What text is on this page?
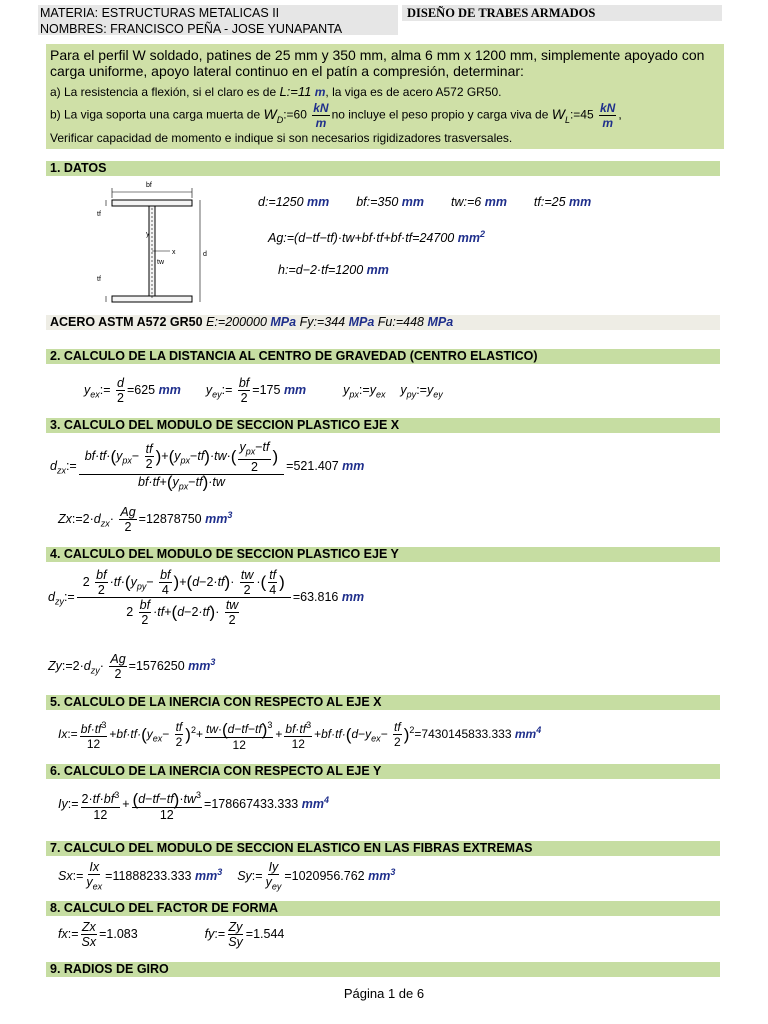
MATERIA: ESTRUCTURAS METALICAS II
NOMBRES: FRANCISCO PEÑA - JOSE YUNAPANTA
DISEÑO DE TRABES ARMADOS
Para el perfil W soldado, patines de 25 mm y 350 mm, alma 6 mm x 1200 mm, simplemente apoyado con carga uniforme, apoyo lateral continuo en el patín a compresión, determinar:
a) La resistencia a flexión, si el claro es de L:=11 m, la viga es de acero A572 GR50.
b) La viga soporta una carga muerta de $W_D:=60 \frac{kN}{m}$ no incluye el peso propio y carga viva de $W_L:=45 \frac{kN}{m}$ ,
Verificar capacidad de momento e indique si son necesarios rigidizadores trasversales.
1. DATOS
bf
tf
tf
x
y
tw
d
d:=1250 mm bf:=350 mm tw:=6 mm tf:=25 mm
Ag:=(d−tf−tf)·tw+bf·tf+bf·tf=24700 $mm^2$
h:=d−2·tf=1200 mm
ACERO ASTM A572 GR50 E:=200000 MPa Fy:=344 MPa Fu:=448 MPa
2. CALCULO DE LA DISTANCIA AL CENTRO DE GRAVEDAD (CENTRO ELASTICO)
$y_{ex}:= \frac{d}{2} =625$ mm $y_{ey}:= \frac{bf}{2} =175$ mm	$y_{px}:=y_{ex}$ $y_{py}:=y_{ey}$
3. CALCULO DEL MODULO DE SECCION PLASTICO EJE X
$d_{zx}:= \frac{bf\cdot tf\cdot(y_{px}- \frac{tf}{2} )+(y_{px}-tf)\cdot tw\cdot( \frac{y_{px}-tf}{2} )}{bf\cdot tf+(y_{px}-tf)\cdot tw} =521.407$ mm
$Zx:=2\cdot d_{zx}\cdot \frac{Ag}{2} =12878750$ $mm^3$
4. CALCULO DEL MODULO DE SECCION PLASTICO EJE Y
$d_{zy}:= \frac{2 \frac{bf}{2} \cdot tf\cdot(y_{py}- \frac{bf}{4} )+(d-2\cdot tf)\cdot \frac{tw}{2} \cdot( \frac{tf}{4} )}{2 \frac{bf}{2} \cdot tf+(d-2\cdot tf)\cdot \frac{tw}{2}} =63.816$ mm
$Zy:=2\cdot d_{zy}\cdot \frac{Ag}{2} =1576250$ $mm^3$
5. CALCULO DE LA INERCIA CON RESPECTO AL EJE X
Ix:= $\frac{bf\cdot tf^3}{12} +bf\cdot tf\cdot(y_{ex}- \frac{tf}{2} )^2+ \frac{tw\cdot(d-tf-tf)^3}{12} + \frac{bf\cdot tf^3}{12} +bf\cdot tf\cdot(d-y_{ex}- \frac{tf}{2} )^2=7430145833.333$ $mm^4$
6. CALCULO DE LA INERCIA CON RESPECTO AL EJE Y
Iy:= $\frac{2\cdot tf\cdot bf^3}{12} + \frac{(d-tf-tf)\cdot tw^3}{12} =178667433.333$ $mm^4$
7. CALCULO DEL MODULO DE SECCION ELASTICO EN LAS FIBRAS EXTREMAS
Sx:= $\frac{Ix}{y_{ex}} =11888233.333$ $mm^3$ Sy:= $\frac{Iy}{y_{ey}} =1020956.762$ $mm^3$
8. CALCULO DEL FACTOR DE FORMA
fx:= $\frac{Zx}{Sx} =1.083$	fy:= $\frac{Zy}{Sy} =1.544$
9. RADIOS DE GIRO
Página 1 de 6
